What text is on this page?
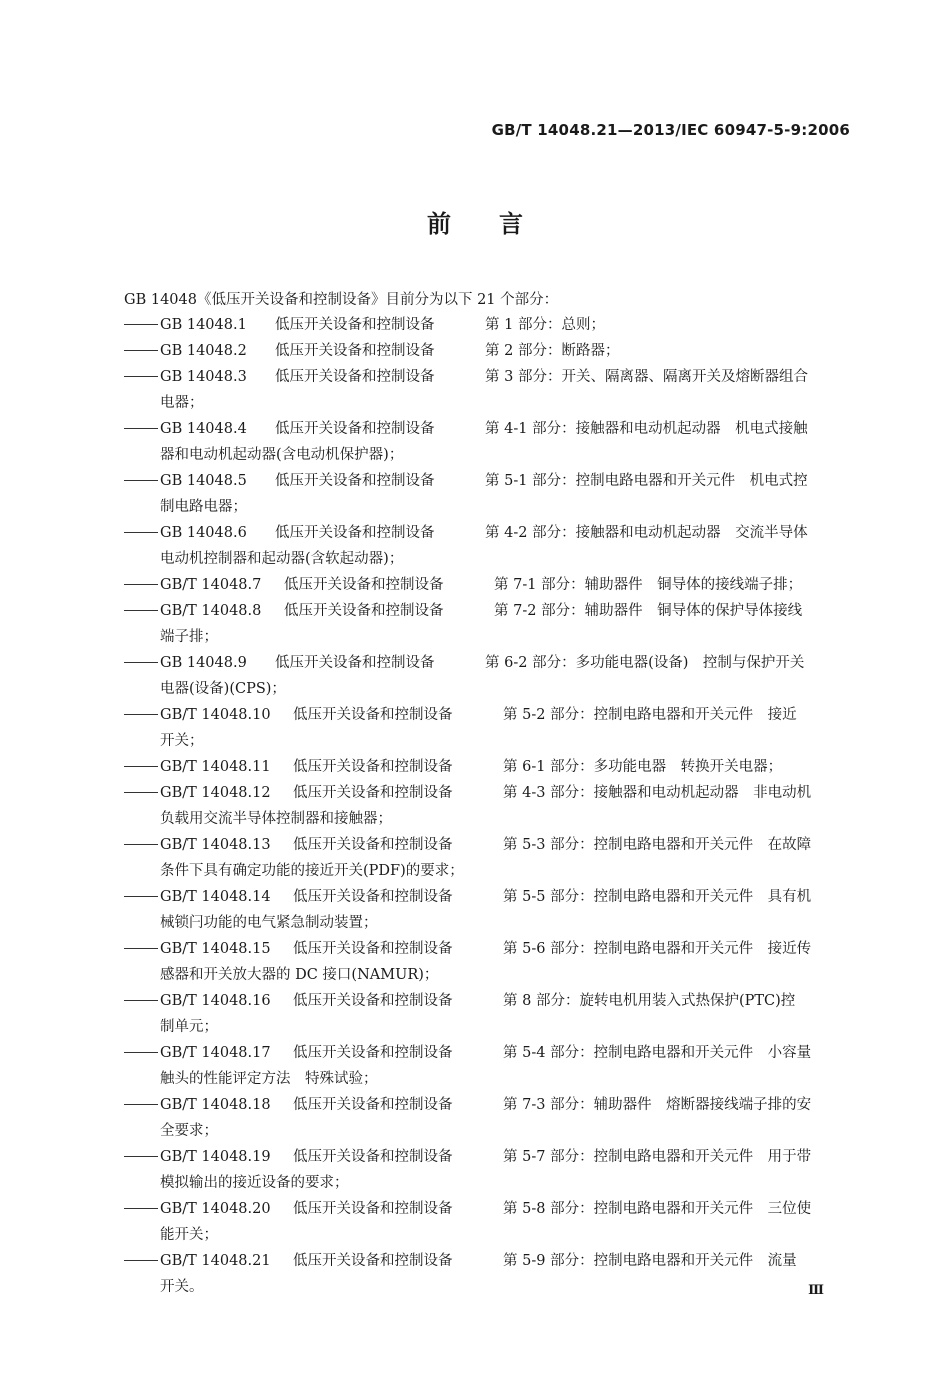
GB/T 14048.21—2013/IEC 60947-5-9:2006
前言
GB 14048《低压开关设备和控制设备》目前分为以下 21 个部分：
GB 14048.1	低压开关设备和控制设备	第 1 部分：总则；
GB 14048.2	低压开关设备和控制设备	第 2 部分：断路器；
GB 14048.3	低压开关设备和控制设备	第 3 部分：开关、隔离器、隔离开关及熔断器组合
电器；
GB 14048.4	低压开关设备和控制设备	第 4-1 部分：接触器和电动机起动器　机电式接触
器和电动机起动器(含电动机保护器)；
GB 14048.5	低压开关设备和控制设备	第 5-1 部分：控制电路电器和开关元件　机电式控
制电路电器；
GB 14048.6	低压开关设备和控制设备	第 4-2 部分：接触器和电动机起动器　交流半导体
电动机控制器和起动器(含软起动器)；
GB/T 14048.7	低压开关设备和控制设备	第 7-1 部分：辅助器件　铜导体的接线端子排；
GB/T 14048.8	低压开关设备和控制设备	第 7-2 部分：辅助器件　铜导体的保护导体接线
端子排；
GB 14048.9	低压开关设备和控制设备	第 6-2 部分：多功能电器(设备)　控制与保护开关
电器(设备)(CPS)；
GB/T 14048.10	低压开关设备和控制设备	第 5-2 部分：控制电路电器和开关元件　接近
开关；
GB/T 14048.11	低压开关设备和控制设备	第 6-1 部分：多功能电器　转换开关电器；
GB/T 14048.12	低压开关设备和控制设备	第 4-3 部分：接触器和电动机起动器　非电动机
负载用交流半导体控制器和接触器；
GB/T 14048.13	低压开关设备和控制设备	第 5-3 部分：控制电路电器和开关元件　在故障
条件下具有确定功能的接近开关(PDF)的要求；
GB/T 14048.14	低压开关设备和控制设备	第 5-5 部分：控制电路电器和开关元件　具有机
械锁闩功能的电气紧急制动装置；
GB/T 14048.15	低压开关设备和控制设备	第 5-6 部分：控制电路电器和开关元件　接近传
感器和开关放大器的 DC 接口(NAMUR)；
GB/T 14048.16	低压开关设备和控制设备	第 8 部分：旋转电机用装入式热保护(PTC)控
制单元；
GB/T 14048.17	低压开关设备和控制设备	第 5-4 部分：控制电路电器和开关元件　小容量
触头的性能评定方法　特殊试验；
GB/T 14048.18	低压开关设备和控制设备	第 7-3 部分：辅助器件　熔断器接线端子排的安
全要求；
GB/T 14048.19	低压开关设备和控制设备	第 5-7 部分：控制电路电器和开关元件　用于带
模拟输出的接近设备的要求；
GB/T 14048.20	低压开关设备和控制设备	第 5-8 部分：控制电路电器和开关元件　三位使
能开关；
GB/T 14048.21	低压开关设备和控制设备	第 5-9 部分：控制电路电器和开关元件　流量
开关。	Ⅲ
